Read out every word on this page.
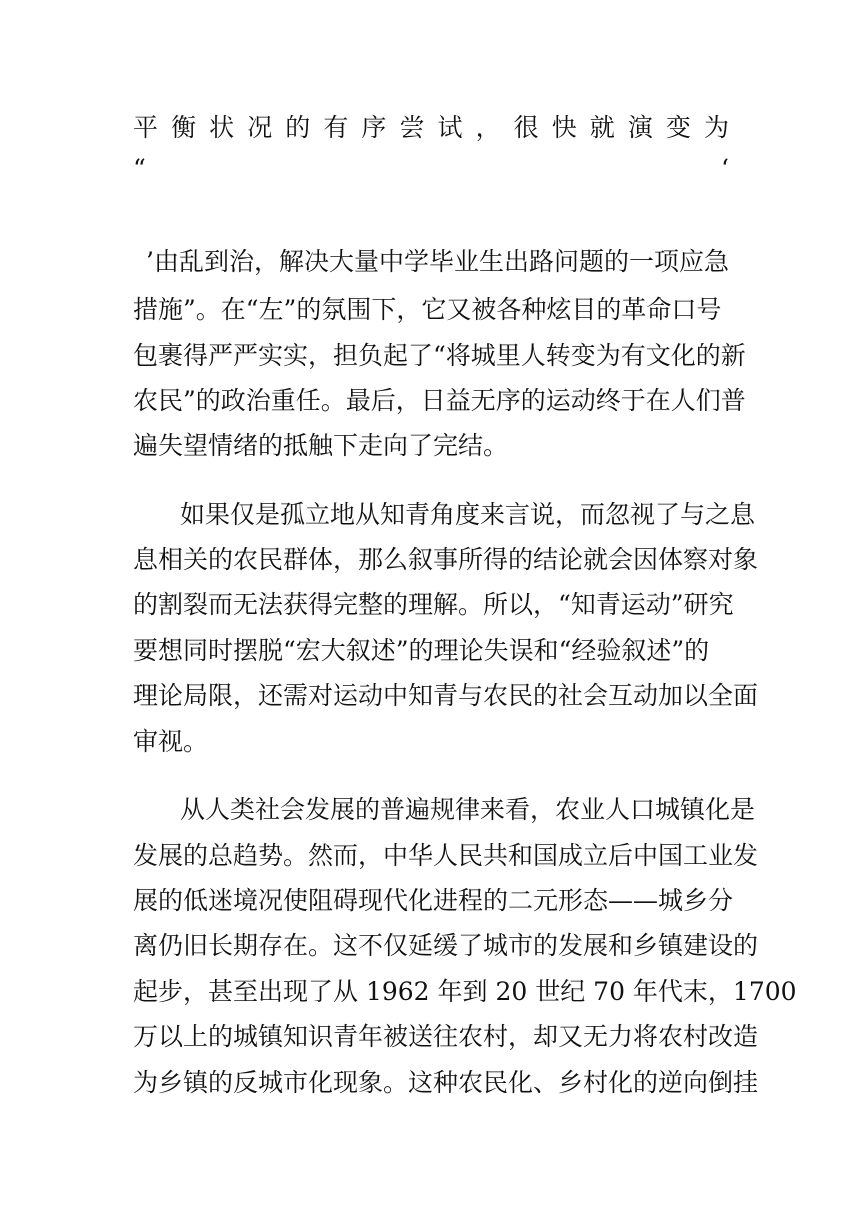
平 衡 状 况 的 有 序 尝 试 ， 很 快 就 演 变 为
“	‘
’由乱到治，解决大量中学毕业生出路问题的一项应急
措施”。在“左”的氛围下，它又被各种炫目的革命口号
包裹得严严实实，担负起了“将城里人转变为有文化的新
农民”的政治重任。最后，日益无序的运动终于在人们普
遍失望情绪的抵触下走向了完结。
如果仅是孤立地从知青角度来言说，而忽视了与之息
息相关的农民群体，那么叙事所得的结论就会因体察对象
的割裂而无法获得完整的理解。所以，“知青运动”研究
要想同时摆脱“宏大叙述”的理论失误和“经验叙述”的
理论局限，还需对运动中知青与农民的社会互动加以全面
审视。
从人类社会发展的普遍规律来看，农业人口城镇化是
发展的总趋势。然而，中华人民共和国成立后中国工业发
展的低迷境况使阻碍现代化进程的二元形态——城乡分
离仍旧长期存在。这不仅延缓了城市的发展和乡镇建设的
起步，甚至出现了从 1962 年到 20 世纪 70 年代末，1700
万以上的城镇知识青年被送往农村，却又无力将农村改造
为乡镇的反城市化现象。这种农民化、乡村化的逆向倒挂
